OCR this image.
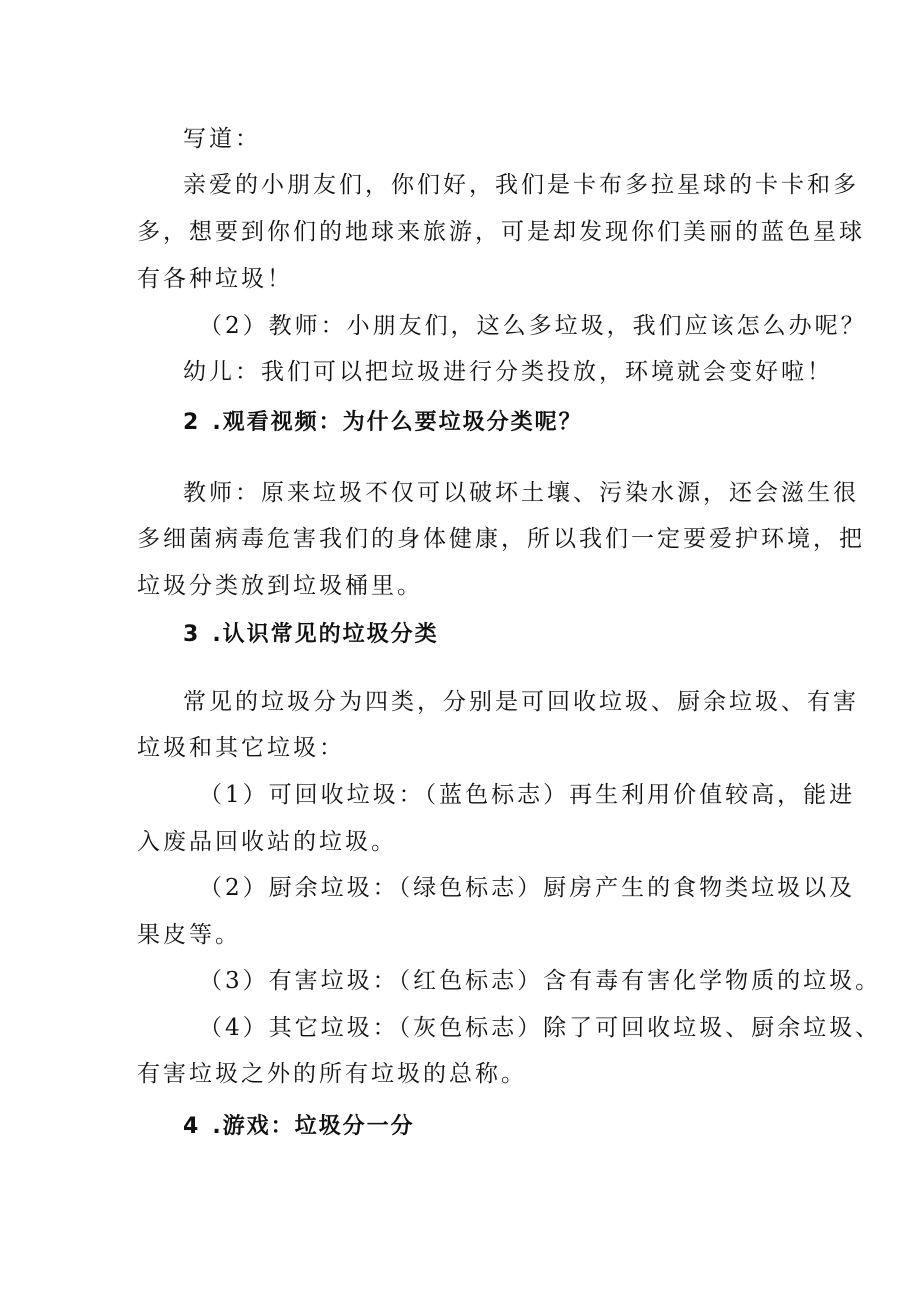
写道：

亲爱的小朋友们，你们好，我们是卡布多拉星球的卡卡和多

多，想要到你们的地球来旅游，可是却发现你们美丽的蓝色星球

有各种垃圾！

（2）教师：小朋友们，这么多垃圾，我们应该怎么办呢？

幼儿：我们可以把垃圾进行分类投放，环境就会变好啦！

2 .观看视频：为什么要垃圾分类呢？

教师：原来垃圾不仅可以破坏土壤、污染水源，还会滋生很

多细菌病毒危害我们的身体健康，所以我们一定要爱护环境，把

垃圾分类放到垃圾桶里。

3 .认识常见的垃圾分类

常见的垃圾分为四类，分别是可回收垃圾、厨余垃圾、有害

垃圾和其它垃圾：

（1）可回收垃圾：（蓝色标志）再生利用价值较高，能进

入废品回收站的垃圾。

（2）厨余垃圾：（绿色标志）厨房产生的食物类垃圾以及

果皮等。

（3）有害垃圾：（红色标志）含有毒有害化学物质的垃圾。

（4）其它垃圾：（灰色标志）除了可回收垃圾、厨余垃圾、

有害垃圾之外的所有垃圾的总称。

4 .游戏：垃圾分一分
